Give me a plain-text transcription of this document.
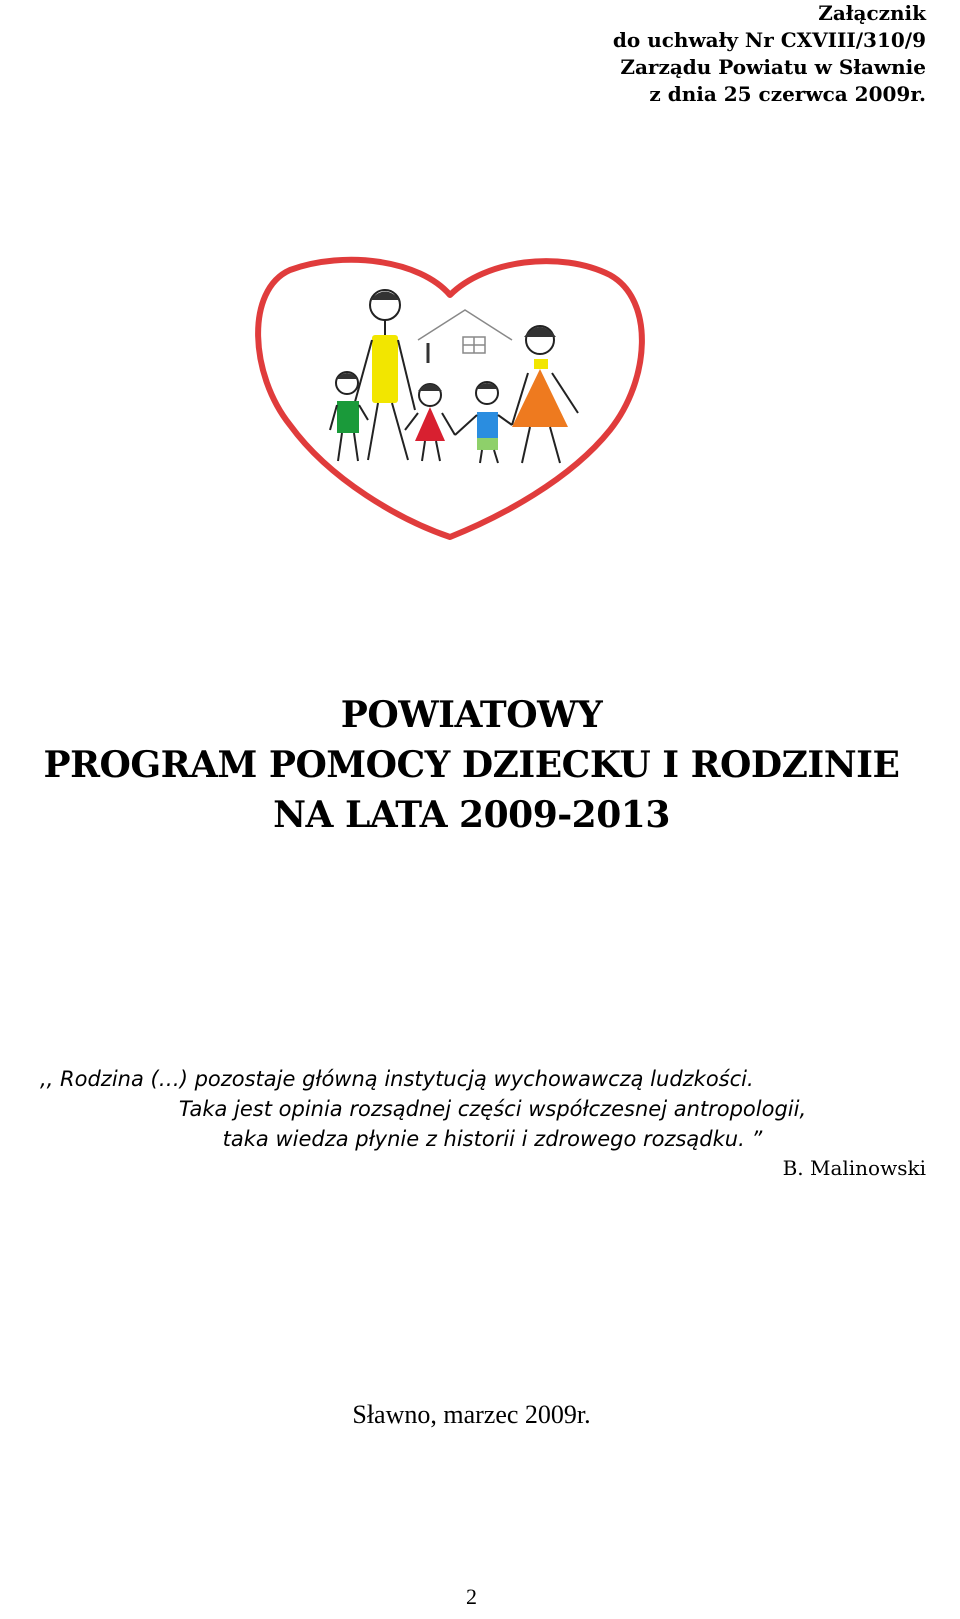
Załącznik
do uchwały Nr CXVIII/310/9
Zarządu Powiatu w Sławnie
z dnia 25 czerwca 2009r.
POWIATOWY
PROGRAM POMOCY DZIECKU I RODZINIE
NA LATA 2009-2013
,, Rodzina (…) pozostaje główną instytucją wychowawczą ludzkości.
Taka jest opinia rozsądnej części współczesnej antropologii,
taka wiedza płynie z historii i zdrowego rozsądku. ”
B. Malinowski
Sławno, marzec 2009r.
2
